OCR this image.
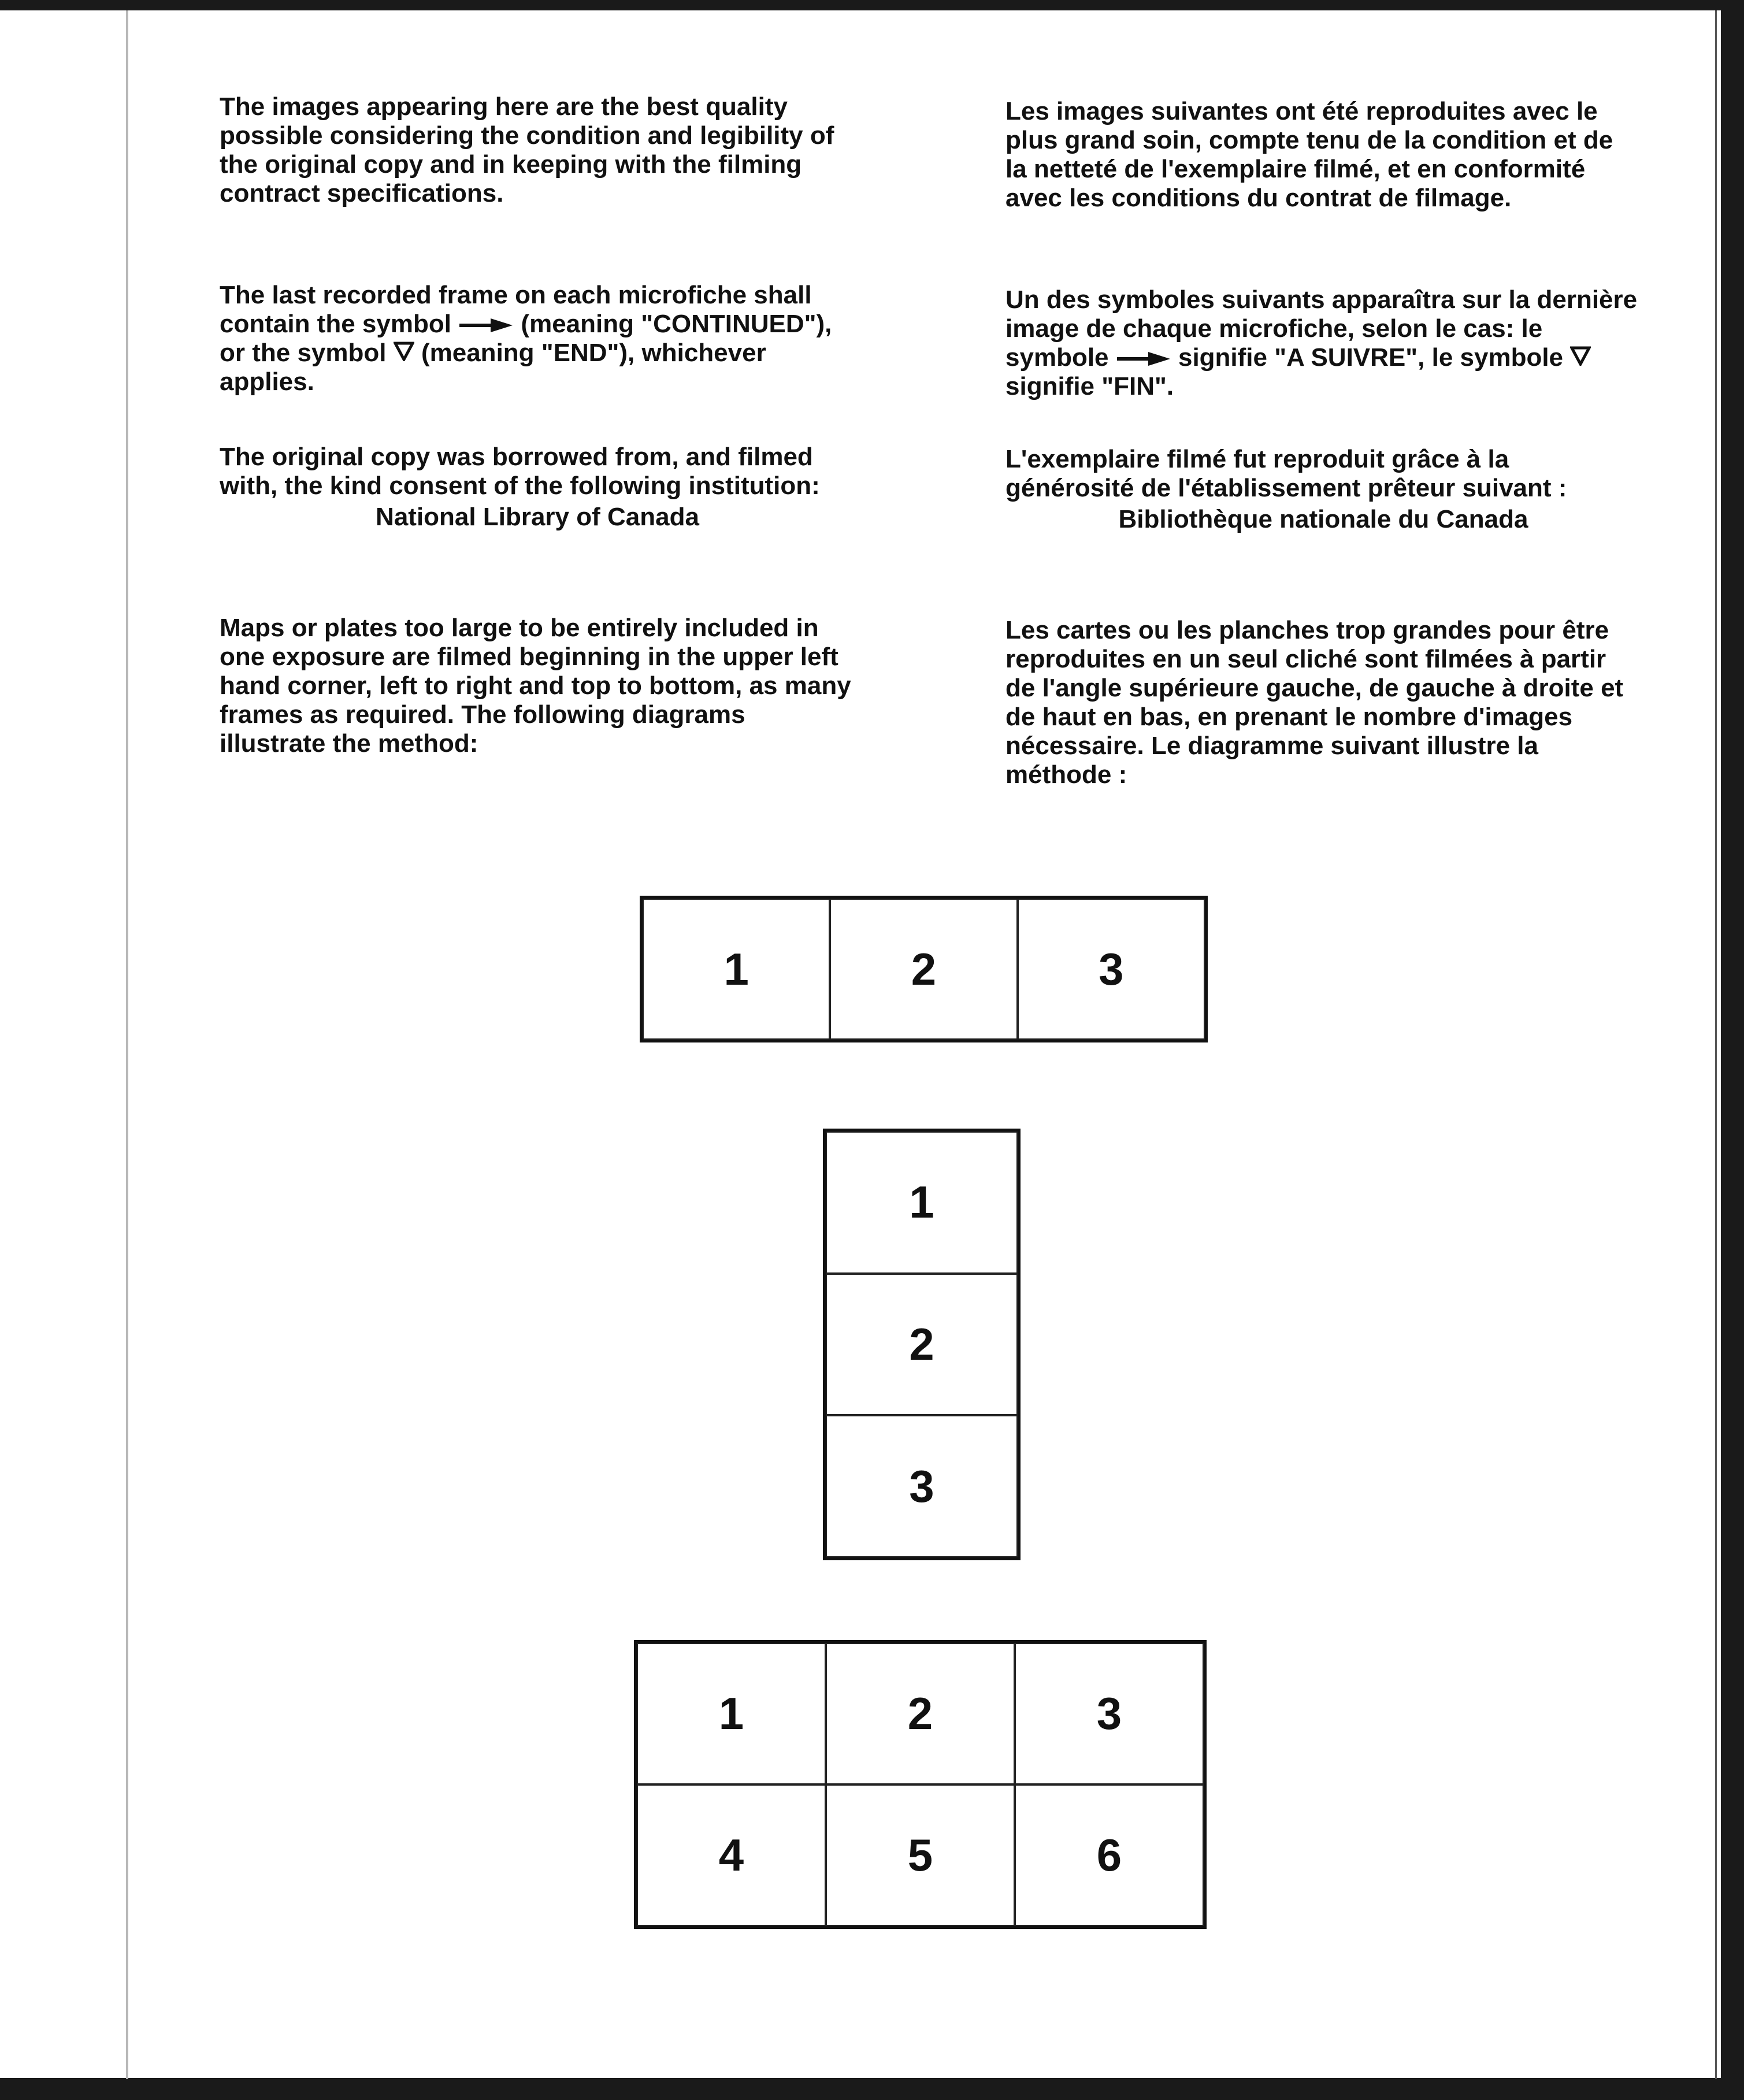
The images appearing here are the best quality possible considering the condition and legibility of the original copy and in keeping with the filming contract specifications.

The last recorded frame on each microfiche shall contain the symbol	(meaning "CONTINUED"), or the symbol (meaning "END"), whichever applies.

The original copy was borrowed from, and filmed with, the kind consent of the following institution:

National Library of Canada

Maps or plates too large to be entirely included in one exposure are filmed beginning in the upper left hand corner, left to right and top to bottom, as many frames as required. The following diagrams illustrate the method:

Les images suivantes ont été reproduites avec le plus grand soin, compte tenu de la condition et de la netteté de l'exemplaire filmé, et en conformité avec les conditions du contrat de filmage.

Un des symboles suivants apparaîtra sur la dernière image de chaque microfiche, selon le cas: le symbole	signifie "A SUIVRE", le symbole  signifie "FIN".

L'exemplaire filmé fut reproduit grâce à la générosité de l'établissement prêteur suivant :

Bibliothèque nationale du Canada

Les cartes ou les planches trop grandes pour être reproduites en un seul cliché sont filmées à partir de l'angle supérieure gauche, de gauche à droite et de haut en bas, en prenant le nombre d'images nécessaire. Le diagramme suivant illustre la méthode :

1	2	3
1
2
3
1	2	3
4	5	6
